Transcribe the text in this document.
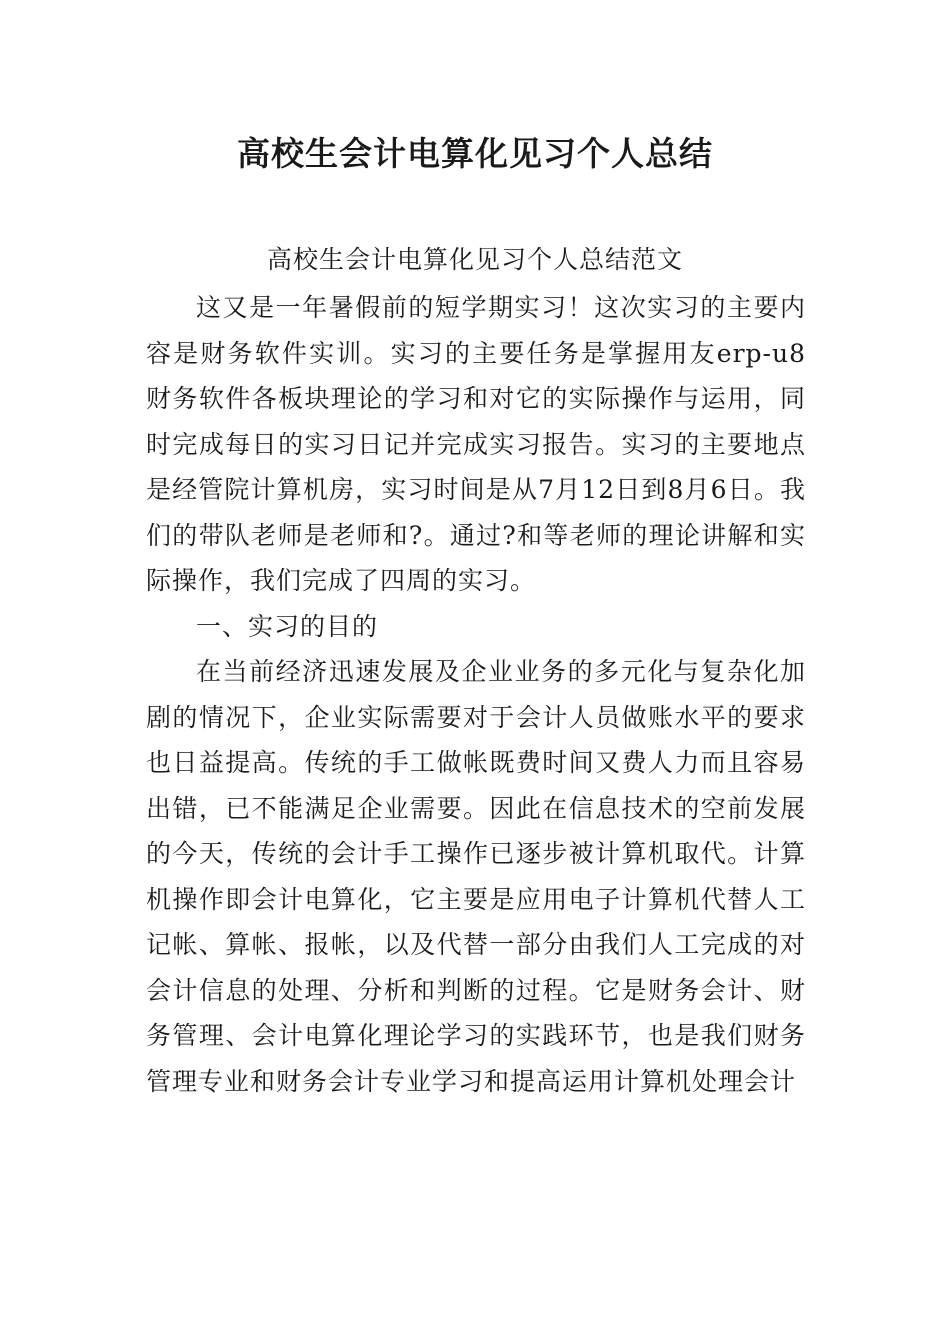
高校生会计电算化见习个人总结

高校生会计电算化见习个人总结范文

这又是一年暑假前的短学期实习！这次实习的主要内容是财务软件实训。实习的主要任务是掌握用友erp-u8财务软件各板块理论的学习和对它的实际操作与运用，同时完成每日的实习日记并完成实习报告。实习的主要地点是经管院计算机房，实习时间是从7月12日到8月6日。我们的带队老师是老师和?。通过?和等老师的理论讲解和实际操作，我们完成了四周的实习。

一、实习的目的

在当前经济迅速发展及企业业务的多元化与复杂化加剧的情况下，企业实际需要对于会计人员做账水平的要求也日益提高。传统的手工做帐既费时间又费人力而且容易出错，已不能满足企业需要。因此在信息技术的空前发展的今天，传统的会计手工操作已逐步被计算机取代。计算机操作即会计电算化，它主要是应用电子计算机代替人工记帐、算帐、报帐，以及代替一部分由我们人工完成的对会计信息的处理、分析和判断的过程。它是财务会计、财务管理、会计电算化理论学习的实践环节，也是我们财务管理专业和财务会计专业学习和提高运用计算机处理会计
